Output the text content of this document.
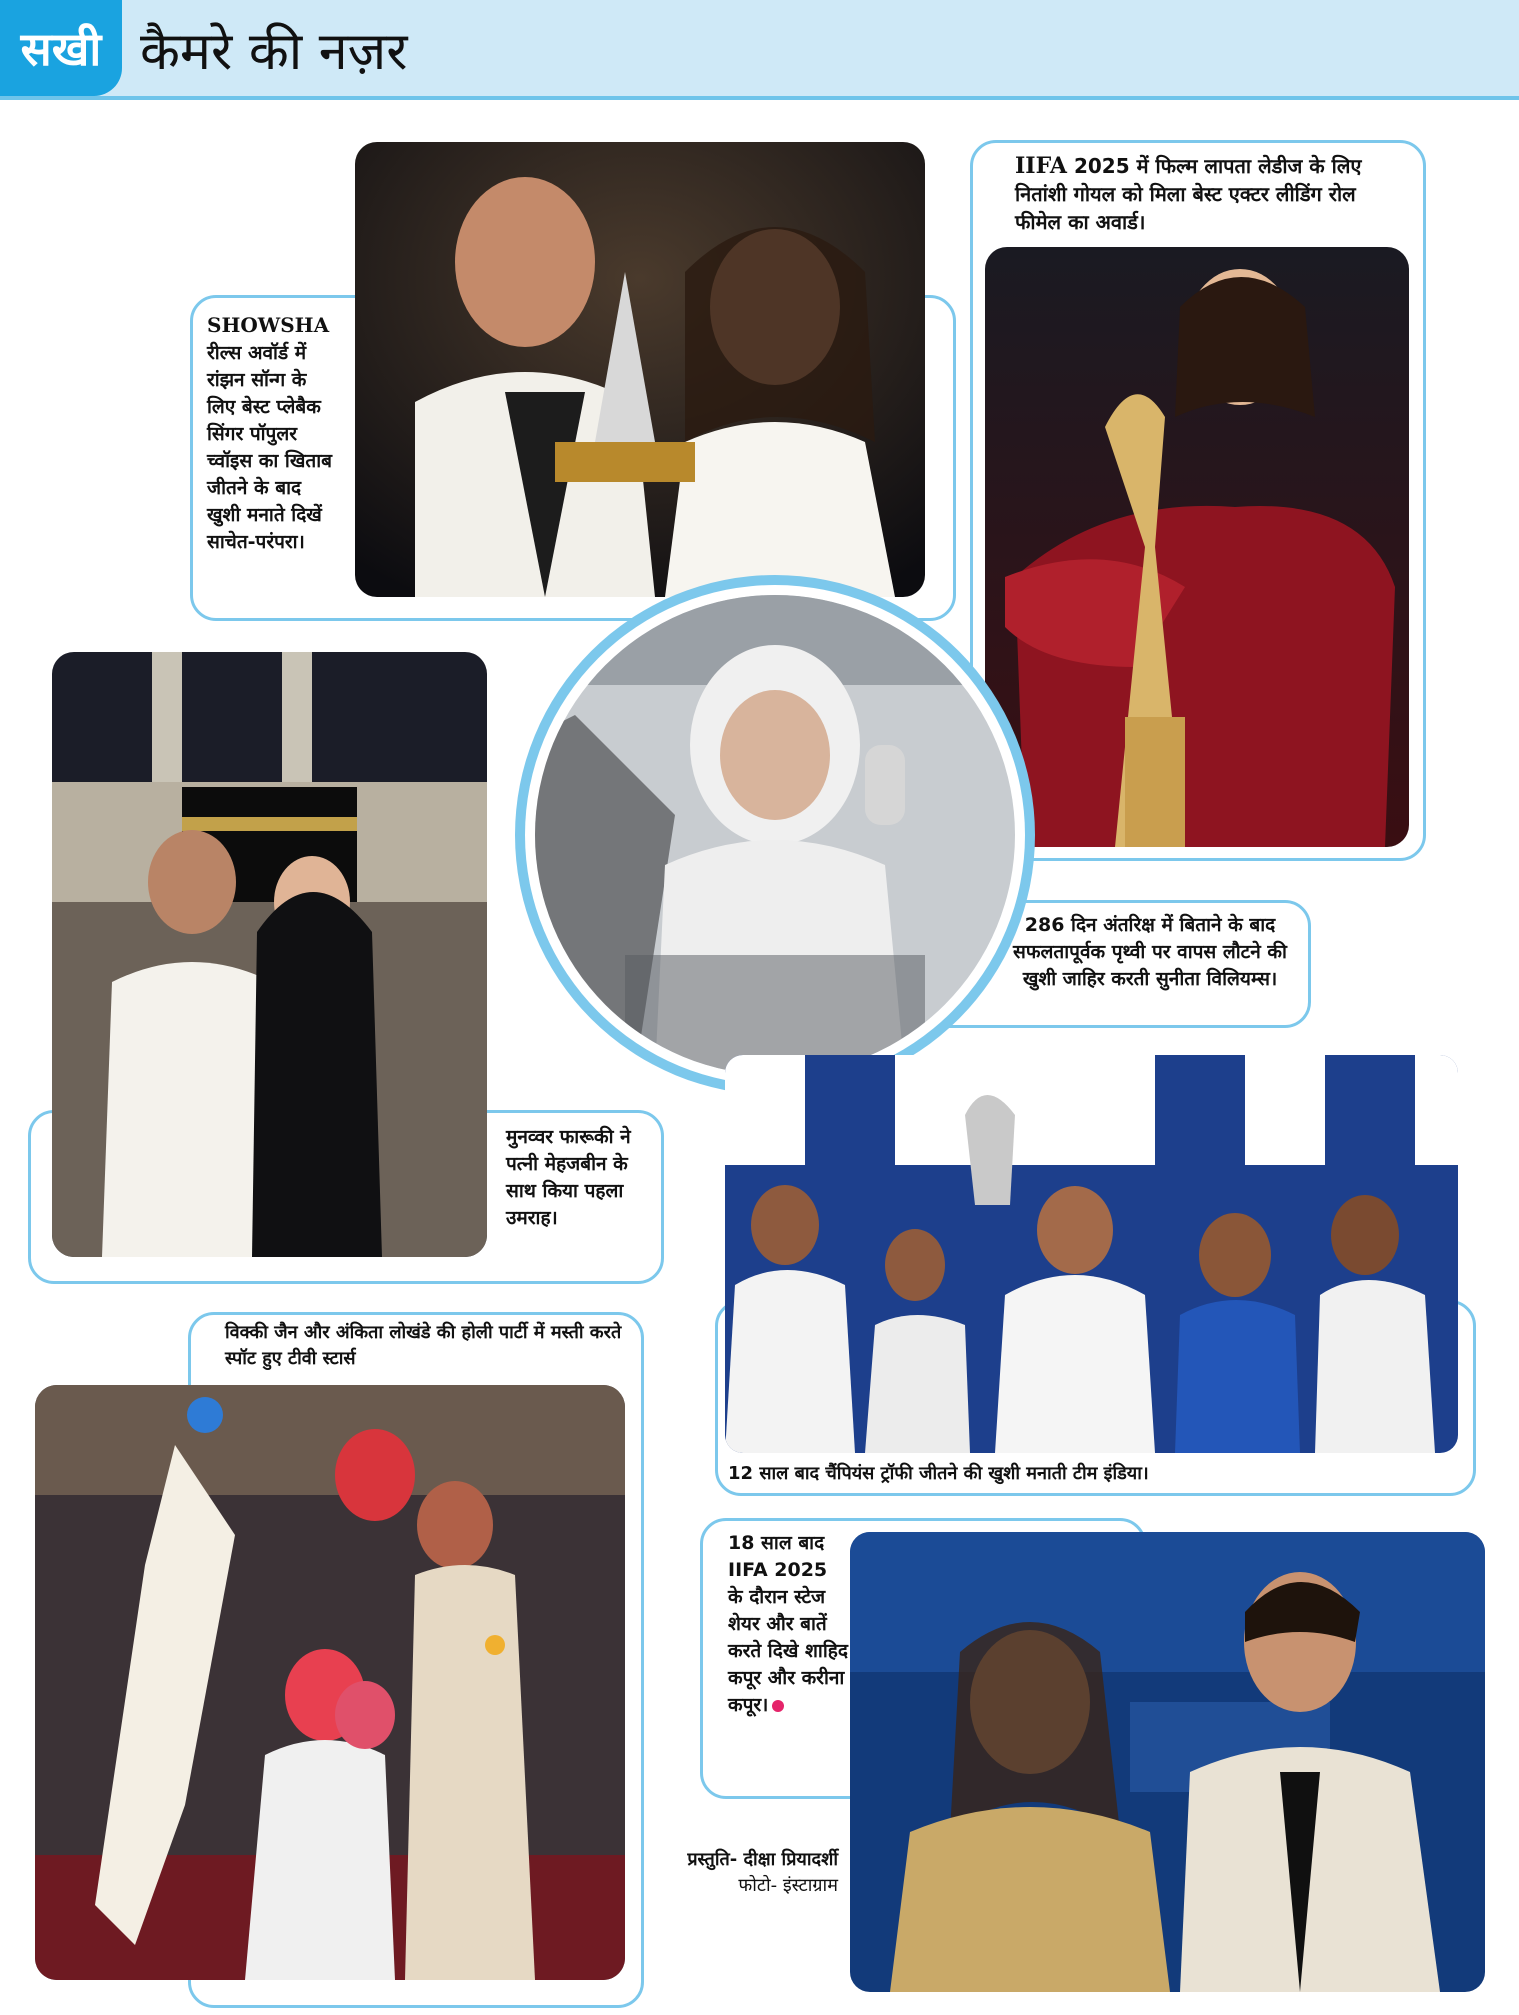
सखी कैमरे की नज़र
SHOWSHA रील्स अवॉर्ड में रांझन सॉन्ग के लिए बेस्ट प्लेबैक सिंगर पॉपुलर च्वॉइस का खिताब जीतने के बाद खुशी मनाते दिखें साचेत-परंपरा।
IIFA 2025 में फिल्म लापता लेडीज के लिए नितांशी गोयल को मिला बेस्ट एक्टर लीडिंग रोल फीमेल का अवार्ड।
मुनव्वर फारूकी ने पत्नी मेहजबीन के साथ किया पहला उमराह।
286 दिन अंतरिक्ष में बिताने के बाद सफलतापूर्वक पृथ्वी पर वापस लौटने की खुशी जाहिर करती सुनीता विलियम्स।
12 साल बाद चैंपियंस ट्रॉफी जीतने की खुशी मनाती टीम इंडिया।
विक्की जैन और अंकिता लोखंडे की होली पार्टी में मस्ती करते स्पॉट हुए टीवी स्टार्स
18 साल बाद IIFA 2025 के दौरान स्टेज शेयर और बातें करते दिखे शाहिद कपूर और करीना कपूर।
प्रस्तुति- दीक्षा प्रियादर्शी
फोटो- इंस्टाग्राम
